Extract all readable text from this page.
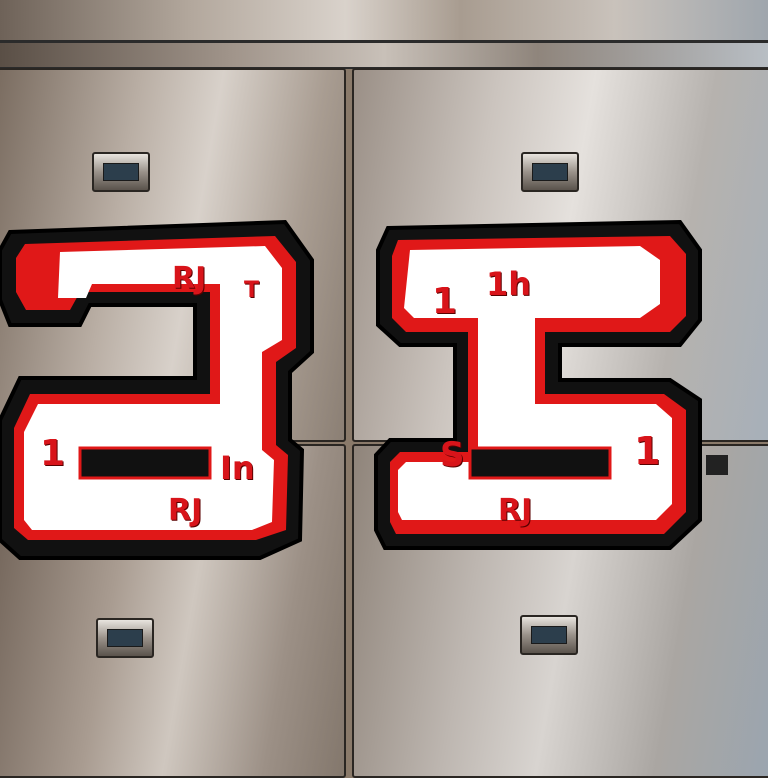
RJ T
1	In
RJ
1 1h
S	1
RJ
